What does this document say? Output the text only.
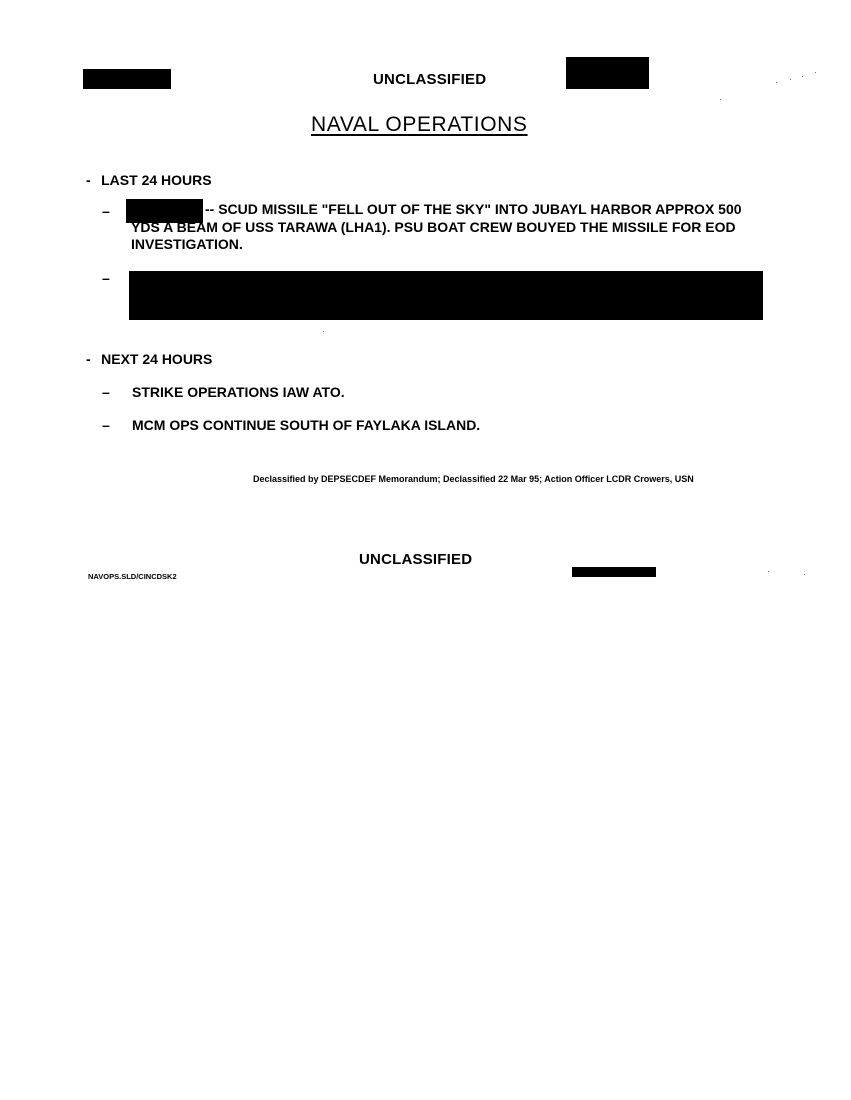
UNCLASSIFIED
NAVAL OPERATIONS
- LAST 24 HOURS
–	-- SCUD MISSILE "FELL OUT OF THE SKY" INTO JUBAYL HARBOR APPROX 500 YDS A BEAM OF USS TARAWA (LHA1). PSU BOAT CREW BOUYED THE MISSILE FOR EOD INVESTIGATION.
–
- NEXT 24 HOURS
– STRIKE OPERATIONS IAW ATO.
– MCM OPS CONTINUE SOUTH OF FAYLAKA ISLAND.
Declassified by DEPSECDEF Memorandum; Declassified 22 Mar 95; Action Officer LCDR Crowers, USN
UNCLASSIFIED
NAVOPS.SLD/CINCDSK2
